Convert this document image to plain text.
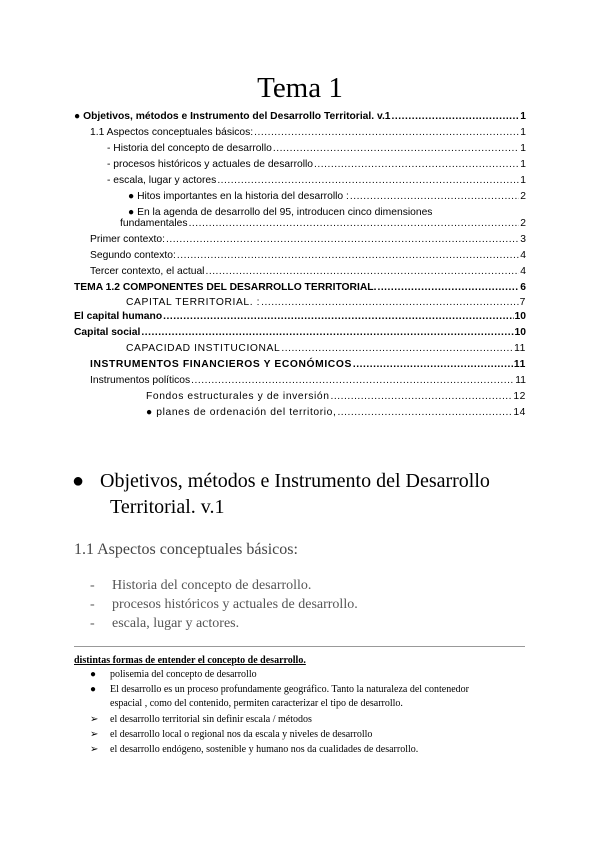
Tema 1
● Objetivos, métodos e Instrumento del Desarrollo Territorial. v.1 .....	1
1.1 Aspectos conceptuales básicos: .....	1
- Historia del concepto de desarrollo .....	1
- procesos históricos y actuales de desarrollo .....	1
- escala, lugar y actores .....	1
● Hitos importantes en la historia del desarrollo : .....	2
● En la agenda de desarrollo del 95, introducen cinco dimensiones
fundamentales .....	2
Primer contexto: .....	3
Segundo contexto: .....	4
Tercer contexto, el actual .....	4
TEMA 1.2 COMPONENTES DEL DESARROLLO TERRITORIAL. .....	6
CAPITAL TERRITORIAL. : .....	7
El capital humano .....	10
Capital social .....	10
CAPACIDAD INSTITUCIONAL .....	11
INSTRUMENTOS FINANCIEROS Y ECONÓMICOS .....	11
Instrumentos políticos .....	11
Fondos estructurales y de inversión .....	12
● planes de ordenación del territorio, .....	14
● Objetivos, métodos e Instrumento del Desarrollo
Territorial. v.1
1.1 Aspectos conceptuales básicos:
- Historia del concepto de desarrollo.
- procesos históricos y actuales de desarrollo.
- escala, lugar y actores.
distintas formas de entender el concepto de desarrollo.
● polisemia del concepto de desarrollo
● El desarrollo es un proceso profundamente geográfico. Tanto la naturaleza del contenedor
espacial , como del contenido, permiten caracterizar el tipo de desarrollo.
➢ el desarrollo territorial sin definir escala / métodos
➢ el desarrollo local o regional nos da escala y niveles de desarrollo
➢ el desarrollo endógeno, sostenible y humano nos da cualidades de desarrollo.
